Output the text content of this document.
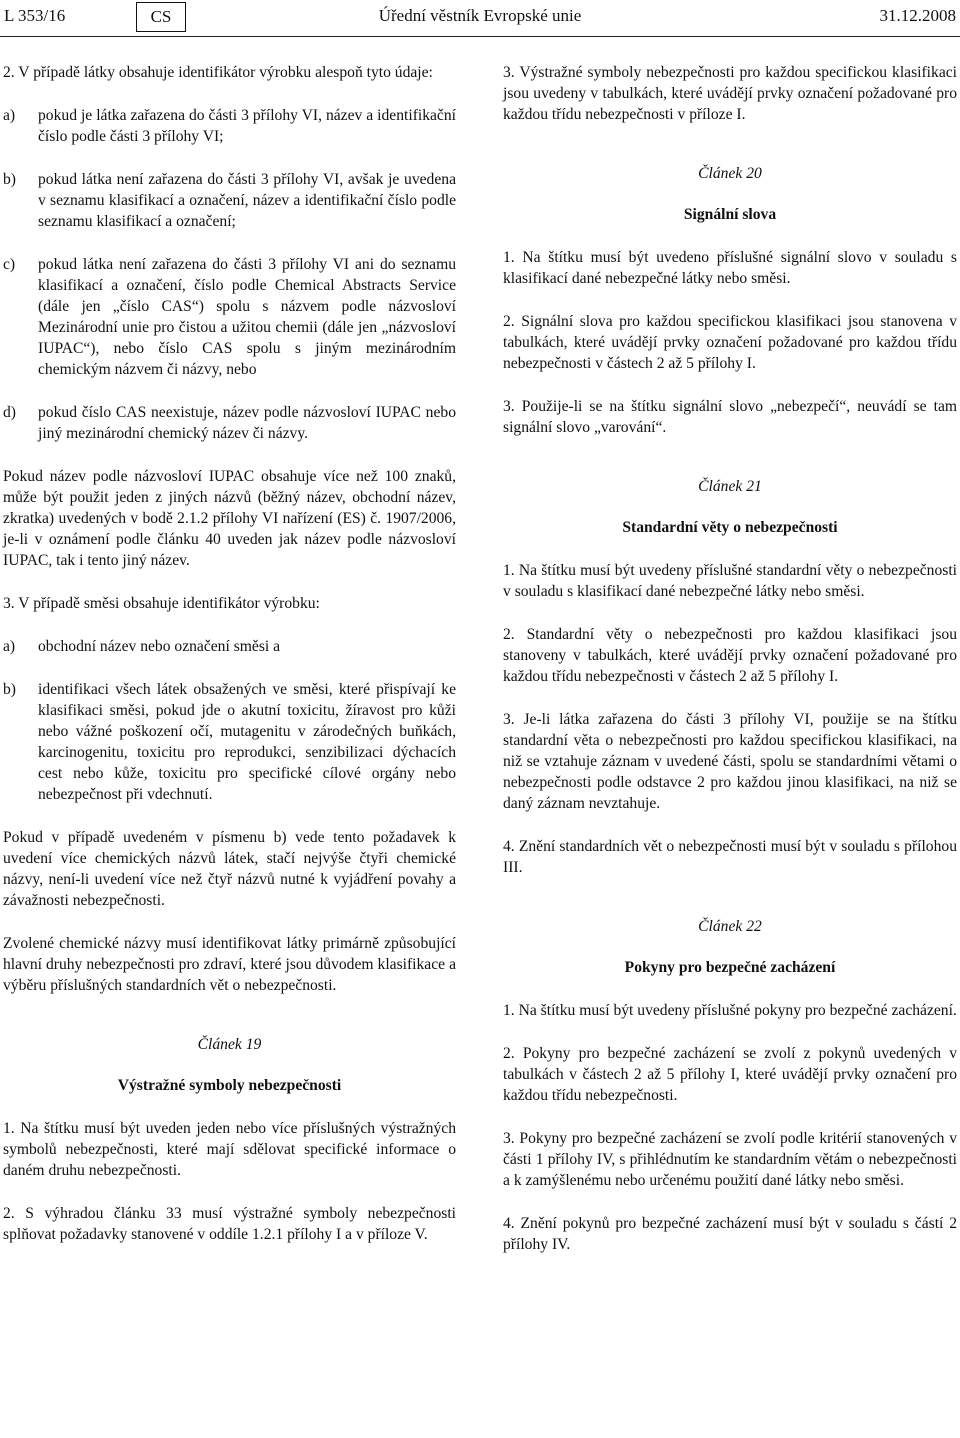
L 353/16	CS	Úřední věstník Evropské unie	31.12.2008

2. V případě látky obsahuje identifikátor výrobku alespoň tyto údaje:

a)	pokud je látka zařazena do části 3 přílohy VI, název a identifikační číslo podle části 3 přílohy VI;
b)	pokud látka není zařazena do části 3 přílohy VI, avšak je uvedena v seznamu klasifikací a označení, název a identifikační číslo podle seznamu klasifikací a označení;
c)	pokud látka není zařazena do části 3 přílohy VI ani do seznamu klasifikací a označení, číslo podle Chemical Abstracts Service (dále jen „číslo CAS“) spolu s názvem podle názvosloví Mezinárodní unie pro čistou a užitou chemii (dále jen „názvosloví IUPAC“), nebo číslo CAS spolu s jiným mezinárodním chemickým názvem či názvy, nebo
d)	pokud číslo CAS neexistuje, název podle názvosloví IUPAC nebo jiný mezinárodní chemický název či názvy.

Pokud název podle názvosloví IUPAC obsahuje více než 100 znaků, může být použit jeden z jiných názvů (běžný název, obchodní název, zkratka) uvedených v bodě 2.1.2 přílohy VI nařízení (ES) č. 1907/2006, je-li v oznámení podle článku 40 uveden jak název podle názvosloví IUPAC, tak i tento jiný název.

3. V případě směsi obsahuje identifikátor výrobku:

a)	obchodní název nebo označení směsi a
b)	identifikaci všech látek obsažených ve směsi, které přispívají ke klasifikaci směsi, pokud jde o akutní toxicitu, žíravost pro kůži nebo vážné poškození očí, mutagenitu v zárodečných buňkách, karcinogenitu, toxicitu pro reprodukci, senzibilizaci dýchacích cest nebo kůže, toxicitu pro specifické cílové orgány nebo nebezpečnost při vdechnutí.

Pokud v případě uvedeném v písmenu b) vede tento požadavek k uvedení více chemických názvů látek, stačí nejvýše čtyři chemické názvy, není-li uvedení více než čtyř názvů nutné k vyjádření povahy a závažnosti nebezpečnosti.

Zvolené chemické názvy musí identifikovat látky primárně způsobující hlavní druhy nebezpečnosti pro zdraví, které jsou důvodem klasifikace a výběru příslušných standardních vět o nebezpečnosti.

Článek 19
Výstražné symboly nebezpečnosti

1. Na štítku musí být uveden jeden nebo více příslušných výstražných symbolů nebezpečnosti, které mají sdělovat specifické informace o daném druhu nebezpečnosti.

2. S výhradou článku 33 musí výstražné symboly nebezpečnosti splňovat požadavky stanovené v oddíle 1.2.1 přílohy I a v příloze V.

3. Výstražné symboly nebezpečnosti pro každou specifickou klasifikaci jsou uvedeny v tabulkách, které uvádějí prvky označení požadované pro každou třídu nebezpečnosti v příloze I.

Článek 20
Signální slova

1. Na štítku musí být uvedeno příslušné signální slovo v souladu s klasifikací dané nebezpečné látky nebo směsi.

2. Signální slova pro každou specifickou klasifikaci jsou stanovena v tabulkách, které uvádějí prvky označení požadované pro každou třídu nebezpečnosti v částech 2 až 5 přílohy I.

3. Použije-li se na štítku signální slovo „nebezpečí“, neuvádí se tam signální slovo „varování“.

Článek 21
Standardní věty o nebezpečnosti

1. Na štítku musí být uvedeny příslušné standardní věty o nebezpečnosti v souladu s klasifikací dané nebezpečné látky nebo směsi.

2. Standardní věty o nebezpečnosti pro každou klasifikaci jsou stanoveny v tabulkách, které uvádějí prvky označení požadované pro každou třídu nebezpečnosti v částech 2 až 5 přílohy I.

3. Je-li látka zařazena do části 3 přílohy VI, použije se na štítku standardní věta o nebezpečnosti pro každou specifickou klasifikaci, na niž se vztahuje záznam v uvedené části, spolu se standardními větami o nebezpečnosti podle odstavce 2 pro každou jinou klasifikaci, na niž se daný záznam nevztahuje.

4. Znění standardních vět o nebezpečnosti musí být v souladu s přílohou III.

Článek 22
Pokyny pro bezpečné zacházení

1. Na štítku musí být uvedeny příslušné pokyny pro bezpečné zacházení.

2. Pokyny pro bezpečné zacházení se zvolí z pokynů uvedených v tabulkách v částech 2 až 5 přílohy I, které uvádějí prvky označení pro každou třídu nebezpečnosti.

3. Pokyny pro bezpečné zacházení se zvolí podle kritérií stanovených v části 1 přílohy IV, s přihlédnutím ke standardním větám o nebezpečnosti a k zamýšlenému nebo určenému použití dané látky nebo směsi.

4. Znění pokynů pro bezpečné zacházení musí být v souladu s částí 2 přílohy IV.
